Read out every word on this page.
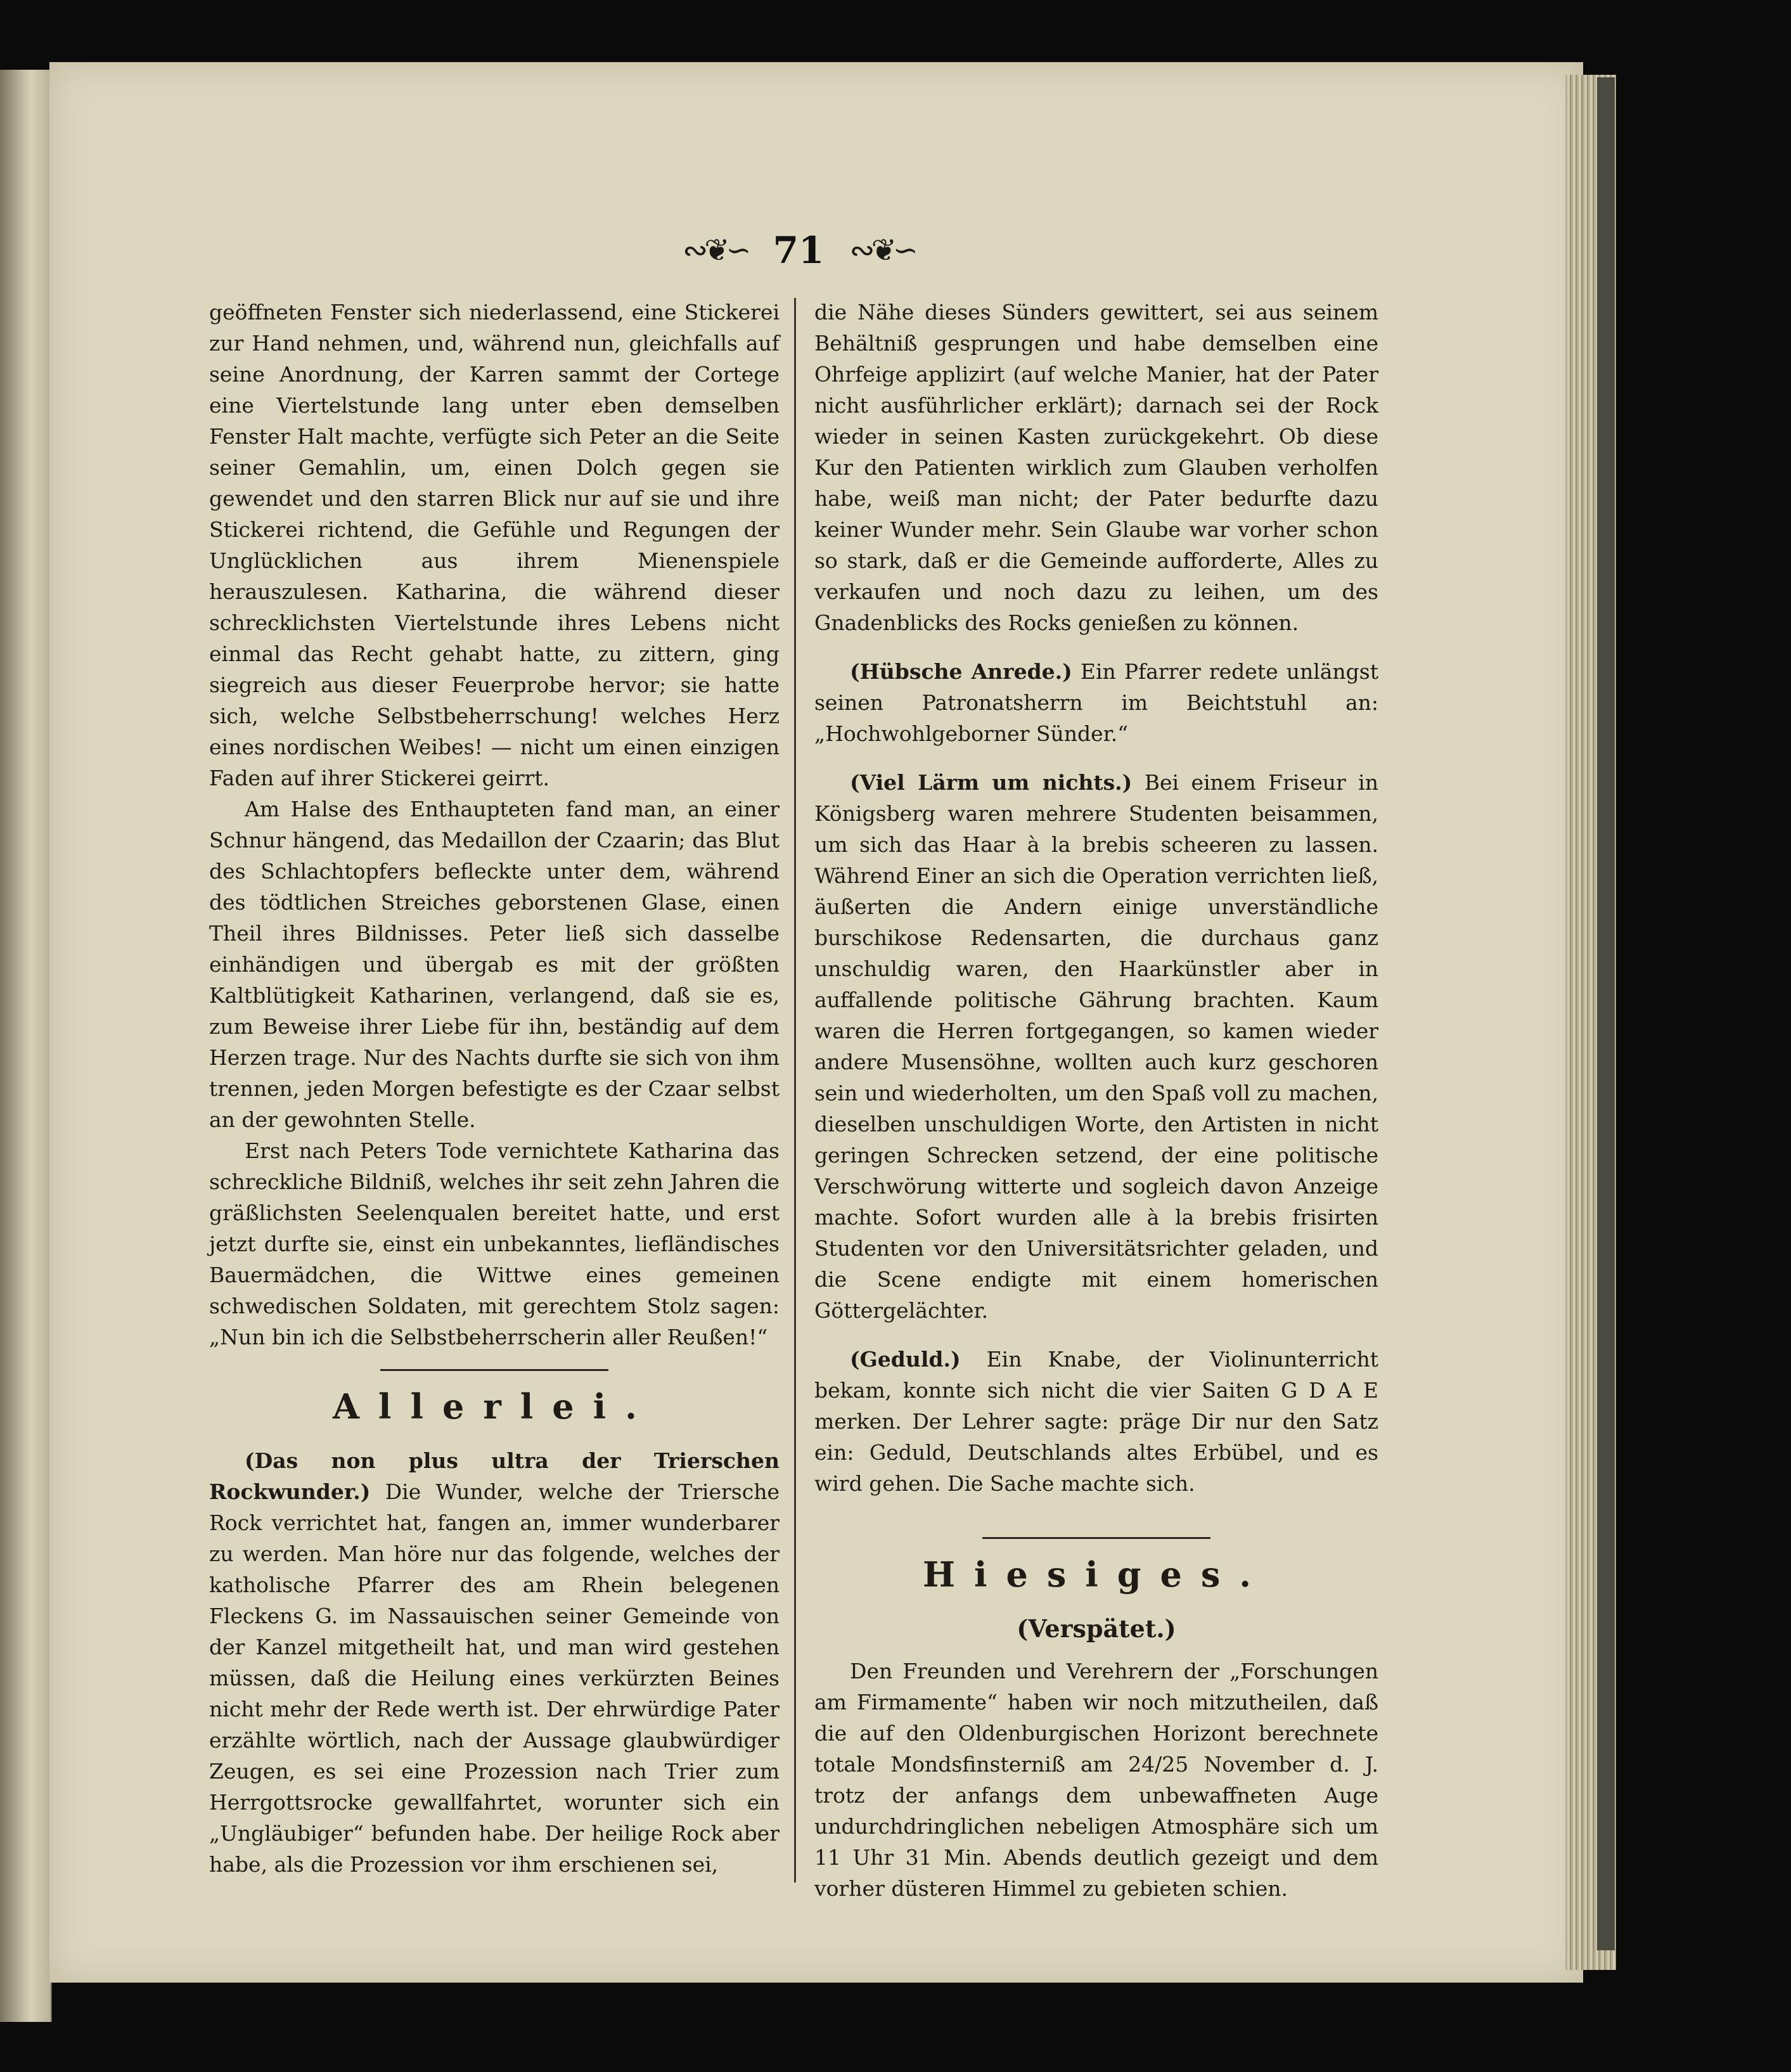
∾❦∽ 71 ∾❦∽

geöffneten Fenster sich niederlassend, eine Stickerei zur Hand nehmen, und, während nun, gleichfalls auf seine Anordnung, der Karren sammt der Cortege eine Viertelstunde lang unter eben demselben Fenster Halt machte, verfügte sich Peter an die Seite seiner Gemahlin, um, einen Dolch gegen sie gewendet und den starren Blick nur auf sie und ihre Stickerei richtend, die Gefühle und Regungen der Unglücklichen aus ihrem Mienenspiele herauszulesen. Katharina, die während dieser schrecklichsten Viertelstunde ihres Lebens nicht einmal das Recht gehabt hatte, zu zittern, ging siegreich aus dieser Feuerprobe hervor; sie hatte sich, welche Selbstbeherrschung! welches Herz eines nordischen Weibes! — nicht um einen einzigen Faden auf ihrer Stickerei geirrt.

Am Halse des Enthaupteten fand man, an einer Schnur hängend, das Medaillon der Czaarin; das Blut des Schlachtopfers befleckte unter dem, während des tödtlichen Streiches geborstenen Glase, einen Theil ihres Bildnisses. Peter ließ sich dasselbe einhändigen und übergab es mit der größten Kaltblütigkeit Katharinen, verlangend, daß sie es, zum Beweise ihrer Liebe für ihn, beständig auf dem Herzen trage. Nur des Nachts durfte sie sich von ihm trennen, jeden Morgen befestigte es der Czaar selbst an der gewohnten Stelle.

Erst nach Peters Tode vernichtete Katharina das schreckliche Bildniß, welches ihr seit zehn Jahren die gräßlichsten Seelenqualen bereitet hatte, und erst jetzt durfte sie, einst ein unbekanntes, liefländisches Bauermädchen, die Wittwe eines gemeinen schwedischen Soldaten, mit gerechtem Stolz sagen: „Nun bin ich die Selbstbeherrscherin aller Reußen!“

Allerlei.

(Das non plus ultra der Trierschen Rockwunder.) Die Wunder, welche der Triersche Rock verrichtet hat, fangen an, immer wunderbarer zu werden. Man höre nur das folgende, welches der katholische Pfarrer des am Rhein belegenen Fleckens G. im Nassauischen seiner Gemeinde von der Kanzel mitgetheilt hat, und man wird gestehen müssen, daß die Heilung eines verkürzten Beines nicht mehr der Rede werth ist. Der ehrwürdige Pater erzählte wörtlich, nach der Aussage glaubwürdiger Zeugen, es sei eine Prozession nach Trier zum Herrgottsrocke gewallfahrtet, worunter sich ein „Ungläubiger“ befunden habe. Der heilige Rock aber habe, als die Prozession vor ihm erschienen sei,

die Nähe dieses Sünders gewittert, sei aus seinem Behältniß gesprungen und habe demselben eine Ohrfeige applizirt (auf welche Manier, hat der Pater nicht ausführlicher erklärt); darnach sei der Rock wieder in seinen Kasten zurückgekehrt. Ob diese Kur den Patienten wirklich zum Glauben verholfen habe, weiß man nicht; der Pater bedurfte dazu keiner Wunder mehr. Sein Glaube war vorher schon so stark, daß er die Gemeinde aufforderte, Alles zu verkaufen und noch dazu zu leihen, um des Gnadenblicks des Rocks genießen zu können.

(Hübsche Anrede.) Ein Pfarrer redete unlängst seinen Patronatsherrn im Beichtstuhl an: „Hochwohlgeborner Sünder.“

(Viel Lärm um nichts.) Bei einem Friseur in Königsberg waren mehrere Studenten beisammen, um sich das Haar à la brebis scheeren zu lassen. Während Einer an sich die Operation verrichten ließ, äußerten die Andern einige unverständliche burschikose Redensarten, die durchaus ganz unschuldig waren, den Haarkünstler aber in auffallende politische Gährung brachten. Kaum waren die Herren fortgegangen, so kamen wieder andere Musensöhne, wollten auch kurz geschoren sein und wiederholten, um den Spaß voll zu machen, dieselben unschuldigen Worte, den Artisten in nicht geringen Schrecken setzend, der eine politische Verschwörung witterte und sogleich davon Anzeige machte. Sofort wurden alle à la brebis frisirten Studenten vor den Universitätsrichter geladen, und die Scene endigte mit einem homerischen Göttergelächter.

(Geduld.) Ein Knabe, der Violinunterricht bekam, konnte sich nicht die vier Saiten G D A E merken. Der Lehrer sagte: präge Dir nur den Satz ein: Geduld, Deutschlands altes Erbübel, und es wird gehen. Die Sache machte sich.

Hiesiges.
(Verspätet.)

Den Freunden und Verehrern der „Forschungen am Firmamente“ haben wir noch mitzutheilen, daß die auf den Oldenburgischen Horizont berechnete totale Mondsfinsterniß am 24/25 November d. J. trotz der anfangs dem unbewaffneten Auge undurchdringlichen nebeligen Atmosphäre sich um 11 Uhr 31 Min. Abends deutlich gezeigt und dem vorher düsteren Himmel zu gebieten schien.
